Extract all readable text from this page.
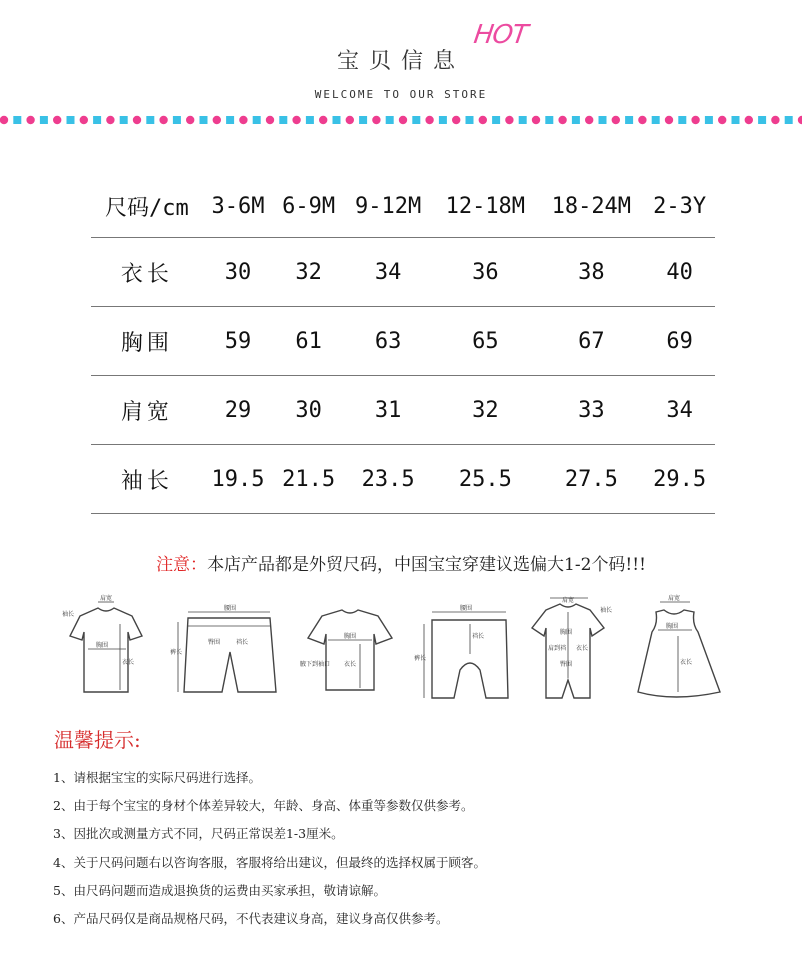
宝贝信息
HOT
WELCOME TO OUR STORE
尺码/cm	3-6M	6-9M	9-12M	12-18M	18-24M	2-3Y
衣长	30	32	34	36	38	40
胸围	59	61	63	65	67	69
肩宽	29	30	31	32	33	34
袖长	19.5	21.5	23.5	25.5	27.5	29.5
注意：本店产品都是外贸尺码，中国宝宝穿建议选偏大1-2个码!!!
肩宽
袖长
胸围
衣长
腰围
臀围
裤长
裆长
胸围
腋下到袖口 衣长
腰围
裆长
裤长
肩宽
袖长
胸围
肩到裆 衣长
臀围
肩宽
胸围
衣长
温馨提示:
1、请根据宝宝的实际尺码进行选择。
2、由于每个宝宝的身材个体差异较大，年龄、身高、体重等参数仅供参考。
3、因批次或测量方式不同，尺码正常误差1-3厘米。
4、关于尺码问题右以咨询客服，客服将给出建议，但最终的选择权属于顾客。
5、由尺码问题而造成退换货的运费由买家承担，敬请谅解。
6、产品尺码仅是商品规格尺码，不代表建议身高，建议身高仅供参考。
